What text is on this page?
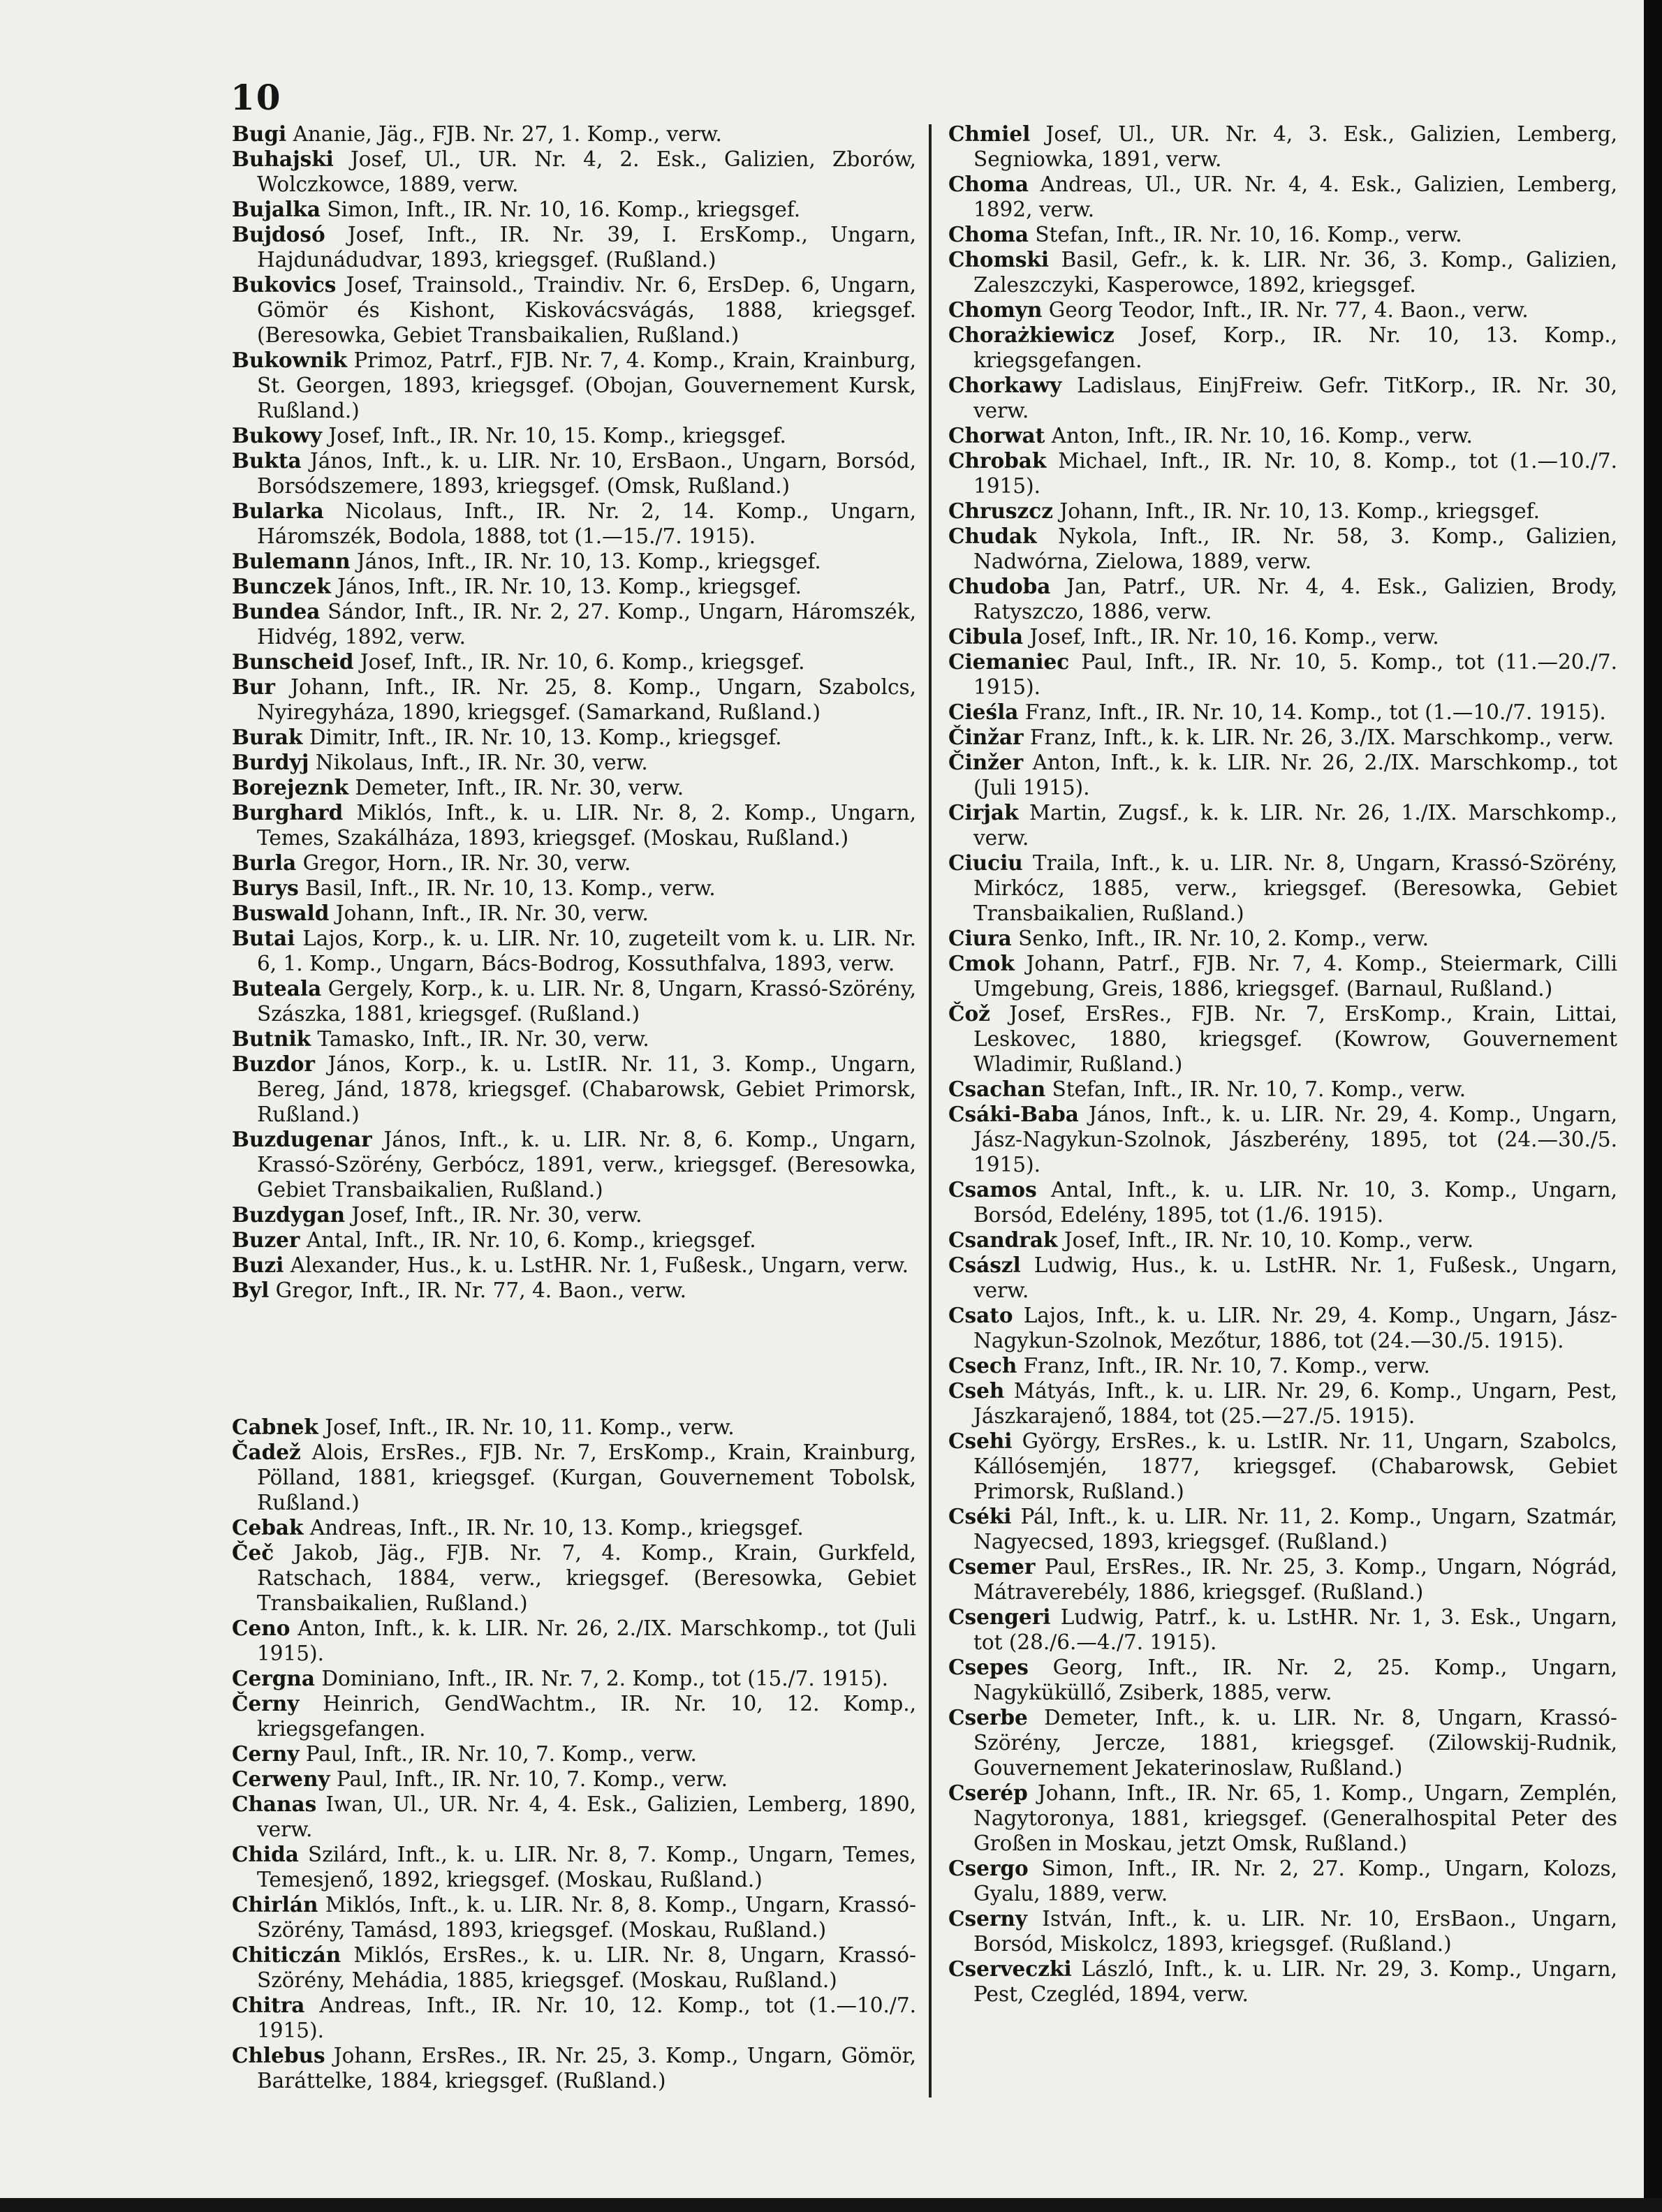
10

Bugi Ananie, Jäg., FJB. Nr. 27, 1. Komp., verw.

Buhajski Josef, Ul., UR. Nr. 4, 2. Esk., Galizien, Zborów, Wolczkowce, 1889, verw.

Bujalka Simon, Inft., IR. Nr. 10, 16. Komp., kriegsgef.

Bujdosó Josef, Inft., IR. Nr. 39, I. ErsKomp., Ungarn, Hajdunádudvar, 1893, kriegsgef. (Rußland.)

Bukovics Josef, Trainsold., Traindiv. Nr. 6, ErsDep. 6, Ungarn, Gömör és Kishont, Kiskovácsvágás, 1888, kriegsgef. (Beresowka, Gebiet Transbaikalien, Rußland.)

Bukownik Primoz, Patrf., FJB. Nr. 7, 4. Komp., Krain, Krainburg, St. Georgen, 1893, kriegsgef. (Obojan, Gouvernement Kursk, Rußland.)

Bukowy Josef, Inft., IR. Nr. 10, 15. Komp., kriegsgef.

Bukta János, Inft., k. u. LIR. Nr. 10, ErsBaon., Ungarn, Borsód, Borsódszemere, 1893, kriegsgef. (Omsk, Rußland.)

Bularka Nicolaus, Inft., IR. Nr. 2, 14. Komp., Ungarn, Háromszék, Bodola, 1888, tot (1.—15./7. 1915).

Bulemann János, Inft., IR. Nr. 10, 13. Komp., kriegsgef.

Bunczek János, Inft., IR. Nr. 10, 13. Komp., kriegsgef.

Bundea Sándor, Inft., IR. Nr. 2, 27. Komp., Ungarn, Háromszék, Hidvég, 1892, verw.

Bunscheid Josef, Inft., IR. Nr. 10, 6. Komp., kriegsgef.

Bur Johann, Inft., IR. Nr. 25, 8. Komp., Ungarn, Szabolcs, Nyiregyháza, 1890, kriegsgef. (Samarkand, Rußland.)

Burak Dimitr, Inft., IR. Nr. 10, 13. Komp., kriegsgef.

Burdyj Nikolaus, Inft., IR. Nr. 30, verw.

Borejeznk Demeter, Inft., IR. Nr. 30, verw.

Burghard Miklós, Inft., k. u. LIR. Nr. 8, 2. Komp., Ungarn, Temes, Szakálháza, 1893, kriegsgef. (Moskau, Rußland.)

Burla Gregor, Horn., IR. Nr. 30, verw.

Burys Basil, Inft., IR. Nr. 10, 13. Komp., verw.

Buswald Johann, Inft., IR. Nr. 30, verw.

Butai Lajos, Korp., k. u. LIR. Nr. 10, zugeteilt vom k. u. LIR. Nr. 6, 1. Komp., Ungarn, Bács-Bodrog, Kossuthfalva, 1893, verw.

Buteala Gergely, Korp., k. u. LIR. Nr. 8, Ungarn, Krassó-Szörény, Szászka, 1881, kriegsgef. (Rußland.)

Butnik Tamasko, Inft., IR. Nr. 30, verw.

Buzdor János, Korp., k. u. LstIR. Nr. 11, 3. Komp., Ungarn, Bereg, Jánd, 1878, kriegsgef. (Chabarowsk, Gebiet Primorsk, Rußland.)

Buzdugenar János, Inft., k. u. LIR. Nr. 8, 6. Komp., Ungarn, Krassó-Szörény, Gerbócz, 1891, verw., kriegsgef. (Beresowka, Gebiet Transbaikalien, Rußland.)

Buzdygan Josef, Inft., IR. Nr. 30, verw.

Buzer Antal, Inft., IR. Nr. 10, 6. Komp., kriegsgef.

Buzi Alexander, Hus., k. u. LstHR. Nr. 1, Fußesk., Ungarn, verw.

Byl Gregor, Inft., IR. Nr. 77, 4. Baon., verw.

Cabnek Josef, Inft., IR. Nr. 10, 11. Komp., verw.

Čadež Alois, ErsRes., FJB. Nr. 7, ErsKomp., Krain, Krainburg, Pölland, 1881, kriegsgef. (Kurgan, Gouvernement Tobolsk, Rußland.)

Cebak Andreas, Inft., IR. Nr. 10, 13. Komp., kriegsgef.

Čeč Jakob, Jäg., FJB. Nr. 7, 4. Komp., Krain, Gurkfeld, Ratschach, 1884, verw., kriegsgef. (Beresowka, Gebiet Transbaikalien, Rußland.)

Ceno Anton, Inft., k. k. LIR. Nr. 26, 2./IX. Marschkomp., tot (Juli 1915).

Cergna Dominiano, Inft., IR. Nr. 7, 2. Komp., tot (15./7. 1915).

Černy Heinrich, GendWachtm., IR. Nr. 10, 12. Komp., kriegsgefangen.

Cerny Paul, Inft., IR. Nr. 10, 7. Komp., verw.

Cerweny Paul, Inft., IR. Nr. 10, 7. Komp., verw.

Chanas Iwan, Ul., UR. Nr. 4, 4. Esk., Galizien, Lemberg, 1890, verw.

Chida Szilárd, Inft., k. u. LIR. Nr. 8, 7. Komp., Ungarn, Temes, Temesjenő, 1892, kriegsgef. (Moskau, Rußland.)

Chirlán Miklós, Inft., k. u. LIR. Nr. 8, 8. Komp., Ungarn, Krassó-Szörény, Tamásd, 1893, kriegsgef. (Moskau, Rußland.)

Chiticzán Miklós, ErsRes., k. u. LIR. Nr. 8, Ungarn, Krassó-Szörény, Mehádia, 1885, kriegsgef. (Moskau, Rußland.)

Chitra Andreas, Inft., IR. Nr. 10, 12. Komp., tot (1.—10./7. 1915).

Chlebus Johann, ErsRes., IR. Nr. 25, 3. Komp., Ungarn, Gömör, Baráttelke, 1884, kriegsgef. (Rußland.)

Chmiel Josef, Ul., UR. Nr. 4, 3. Esk., Galizien, Lemberg, Segniowka, 1891, verw.

Choma Andreas, Ul., UR. Nr. 4, 4. Esk., Galizien, Lemberg, 1892, verw.

Choma Stefan, Inft., IR. Nr. 10, 16. Komp., verw.

Chomski Basil, Gefr., k. k. LIR. Nr. 36, 3. Komp., Galizien, Zaleszczyki, Kasperowce, 1892, kriegsgef.

Chomyn Georg Teodor, Inft., IR. Nr. 77, 4. Baon., verw.

Chorażkiewicz Josef, Korp., IR. Nr. 10, 13. Komp., kriegsgefangen.

Chorkawy Ladislaus, EinjFreiw. Gefr. TitKorp., IR. Nr. 30, verw.

Chorwat Anton, Inft., IR. Nr. 10, 16. Komp., verw.

Chrobak Michael, Inft., IR. Nr. 10, 8. Komp., tot (1.—10./7. 1915).

Chruszcz Johann, Inft., IR. Nr. 10, 13. Komp., kriegsgef.

Chudak Nykola, Inft., IR. Nr. 58, 3. Komp., Galizien, Nadwórna, Zielowa, 1889, verw.

Chudoba Jan, Patrf., UR. Nr. 4, 4. Esk., Galizien, Brody, Ratyszczo, 1886, verw.

Cibula Josef, Inft., IR. Nr. 10, 16. Komp., verw.

Ciemaniec Paul, Inft., IR. Nr. 10, 5. Komp., tot (11.—20./7. 1915).

Cieśla Franz, Inft., IR. Nr. 10, 14. Komp., tot (1.—10./7. 1915).

Činžar Franz, Inft., k. k. LIR. Nr. 26, 3./IX. Marschkomp., verw.

Činžer Anton, Inft., k. k. LIR. Nr. 26, 2./IX. Marschkomp., tot (Juli 1915).

Cirjak Martin, Zugsf., k. k. LIR. Nr. 26, 1./IX. Marschkomp., verw.

Ciuciu Traila, Inft., k. u. LIR. Nr. 8, Ungarn, Krassó-Szörény, Mirkócz, 1885, verw., kriegsgef. (Beresowka, Gebiet Transbaikalien, Rußland.)

Ciura Senko, Inft., IR. Nr. 10, 2. Komp., verw.

Cmok Johann, Patrf., FJB. Nr. 7, 4. Komp., Steiermark, Cilli Umgebung, Greis, 1886, kriegsgef. (Barnaul, Rußland.)

Čož Josef, ErsRes., FJB. Nr. 7, ErsKomp., Krain, Littai, Leskovec, 1880, kriegsgef. (Kowrow, Gouvernement Wladimir, Rußland.)

Csachan Stefan, Inft., IR. Nr. 10, 7. Komp., verw.

Csáki-Baba János, Inft., k. u. LIR. Nr. 29, 4. Komp., Ungarn, Jász-Nagykun-Szolnok, Jászberény, 1895, tot (24.—30./5. 1915).

Csamos Antal, Inft., k. u. LIR. Nr. 10, 3. Komp., Ungarn, Borsód, Edelény, 1895, tot (1./6. 1915).

Csandrak Josef, Inft., IR. Nr. 10, 10. Komp., verw.

Császl Ludwig, Hus., k. u. LstHR. Nr. 1, Fußesk., Ungarn, verw.

Csato Lajos, Inft., k. u. LIR. Nr. 29, 4. Komp., Ungarn, Jász-Nagykun-Szolnok, Mezőtur, 1886, tot (24.—30./5. 1915).

Csech Franz, Inft., IR. Nr. 10, 7. Komp., verw.

Cseh Mátyás, Inft., k. u. LIR. Nr. 29, 6. Komp., Ungarn, Pest, Jászkarajenő, 1884, tot (25.—27./5. 1915).

Csehi György, ErsRes., k. u. LstIR. Nr. 11, Ungarn, Szabolcs, Kállósemjén, 1877, kriegsgef. (Chabarowsk, Gebiet Primorsk, Rußland.)

Cséki Pál, Inft., k. u. LIR. Nr. 11, 2. Komp., Ungarn, Szatmár, Nagyecsed, 1893, kriegsgef. (Rußland.)

Csemer Paul, ErsRes., IR. Nr. 25, 3. Komp., Ungarn, Nógrád, Mátraverebély, 1886, kriegsgef. (Rußland.)

Csengeri Ludwig, Patrf., k. u. LstHR. Nr. 1, 3. Esk., Ungarn, tot (28./6.—4./7. 1915).

Csepes Georg, Inft., IR. Nr. 2, 25. Komp., Ungarn, Nagyküküllő, Zsiberk, 1885, verw.

Cserbe Demeter, Inft., k. u. LIR. Nr. 8, Ungarn, Krassó-Szörény, Jercze, 1881, kriegsgef. (Zilowskij-Rudnik, Gouvernement Jekaterinoslaw, Rußland.)

Cserép Johann, Inft., IR. Nr. 65, 1. Komp., Ungarn, Zemplén, Nagytoronya, 1881, kriegsgef. (Generalhospital Peter des Großen in Moskau, jetzt Omsk, Rußland.)

Csergo Simon, Inft., IR. Nr. 2, 27. Komp., Ungarn, Kolozs, Gyalu, 1889, verw.

Cserny István, Inft., k. u. LIR. Nr. 10, ErsBaon., Ungarn, Borsód, Miskolcz, 1893, kriegsgef. (Rußland.)

Cserveczki László, Inft., k. u. LIR. Nr. 29, 3. Komp., Ungarn, Pest, Czegléd, 1894, verw.
